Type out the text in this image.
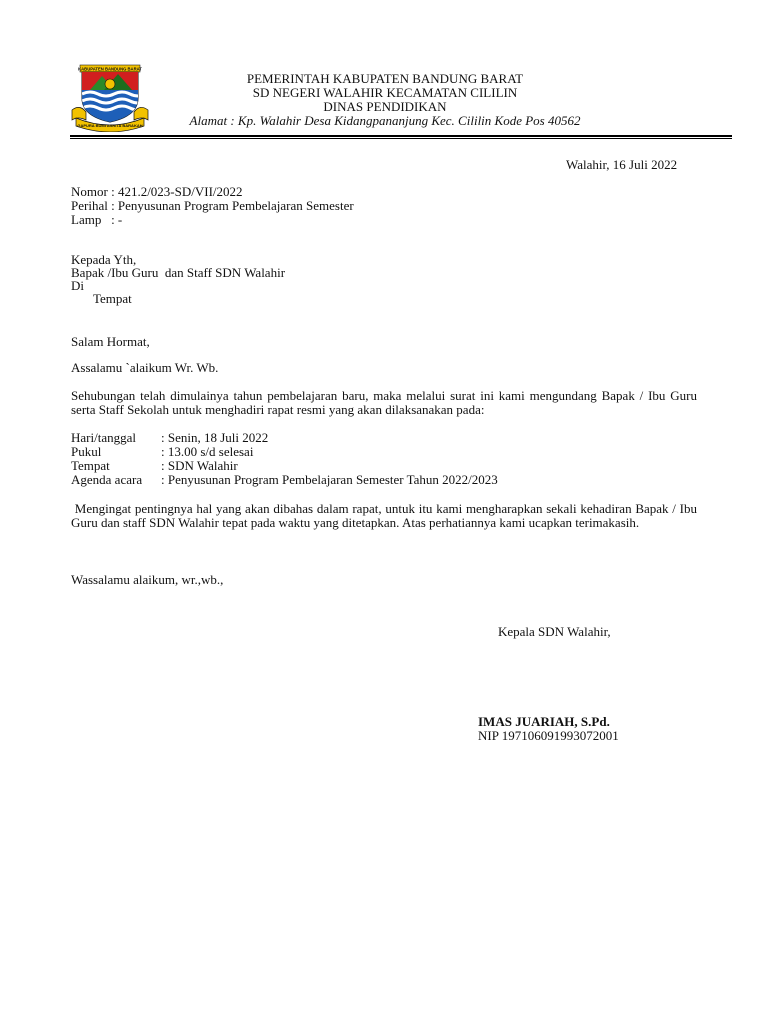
KABUPATEN BANDUNG BARAT
GAPURA BUMI ASRITA BARAKAH
PEMERINTAH KABUPATEN BANDUNG BARAT
SD NEGERI WALAHIR KECAMATAN CILILIN
DINAS PENDIDIKAN
Alamat : Kp. Walahir Desa Kidangpananjung Kec. Cililin Kode Pos 40562
Walahir, 16 Juli 2022
Nomor : 421.2/023-SD/VII/2022
Perihal : Penyusunan Program Pembelajaran Semester
Lamp   : -
Kepada Yth,
Bapak /Ibu Guru  dan Staff SDN Walahir
Di
Tempat
Salam Hormat,
Assalamu `alaikum Wr. Wb.
Sehubungan telah dimulainya tahun pembelajaran baru, maka melalui surat ini kami mengundang Bapak / Ibu Guru serta Staff Sekolah untuk menghadiri rapat resmi yang akan dilaksanakan pada:
Hari/tanggal : Senin, 18 Juli 2022
Pukul	: 13.00 s/d selesai
Tempat	: SDN Walahir
Agenda acara : Penyusunan Program Pembelajaran Semester Tahun 2022/2023
Mengingat pentingnya hal yang akan dibahas dalam rapat, untuk itu kami mengharapkan sekali kehadiran Bapak / Ibu Guru dan staff SDN Walahir tepat pada waktu yang ditetapkan. Atas perhatiannya kami ucapkan terimakasih.
Wassalamu alaikum, wr.,wb.,
Kepala SDN Walahir,
IMAS JUARIAH, S.Pd.
NIP 197106091993072001
